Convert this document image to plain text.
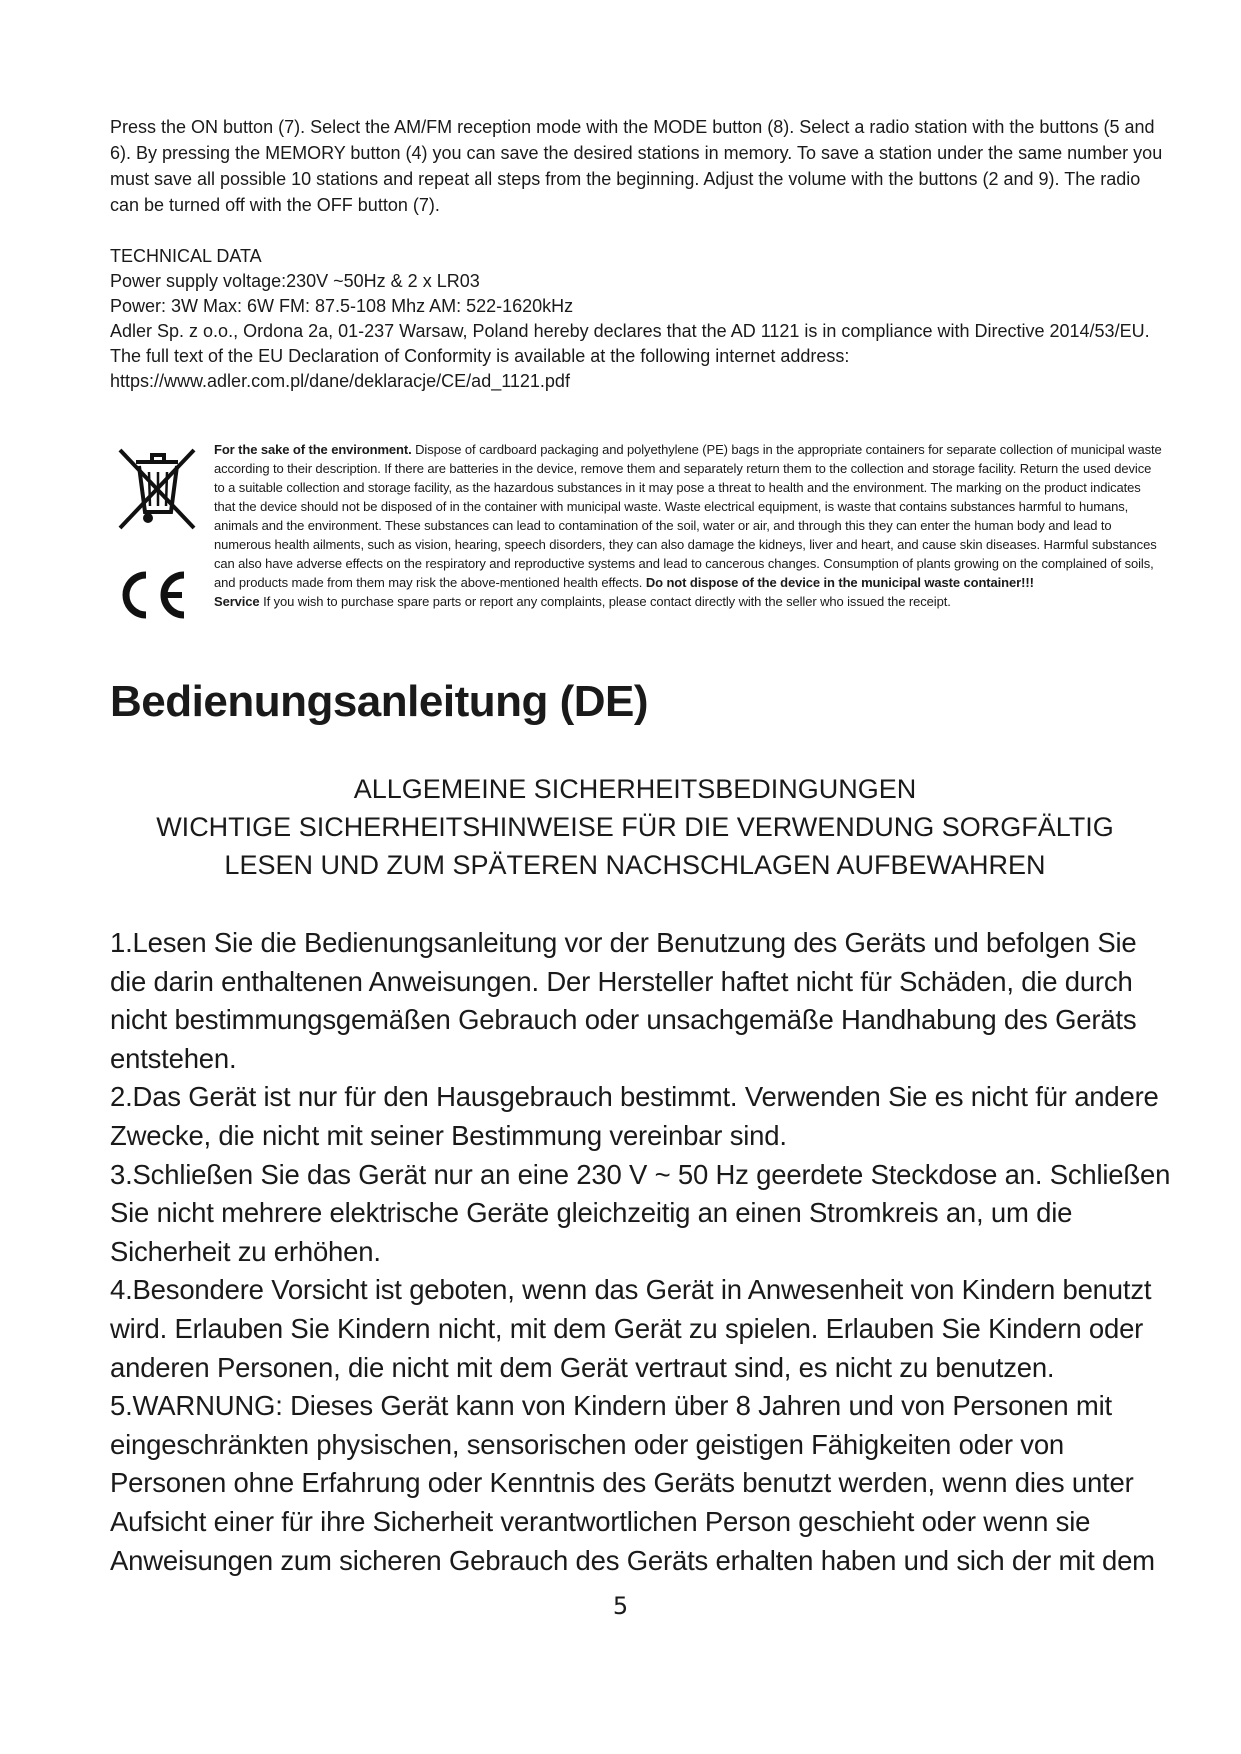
Press the ON button (7). Select the AM/FM reception mode with the MODE button (8). Select a radio station with the buttons (5 and 6). By pressing the MEMORY button (4) you can save the desired stations in memory. To save a station under the same number you must save all possible 10 stations and repeat all steps from the beginning. Adjust the volume with the buttons (2 and 9). The radio can be turned off with the OFF button (7).

TECHNICAL DATA
Power supply voltage:230V ~50Hz & 2 x LR03
Power: 3W Max: 6W FM: 87.5-108 Mhz AM: 522-1620kHz
Adler Sp. z o.o., Ordona 2a, 01-237 Warsaw, Poland hereby declares that the AD 1121 is in compliance with Directive 2014/53/EU.
The full text of the EU Declaration of Conformity is available at the following internet address:
https://www.adler.com.pl/dane/deklaracje/CE/ad_1121.pdf

For the sake of the environment. Dispose of cardboard packaging and polyethylene (PE) bags in the appropriate containers for separate collection of municipal waste according to their description. If there are batteries in the device, remove them and separately return them to the collection and storage facility. Return the used device to a suitable collection and storage facility, as the hazardous substances in it may pose a threat to health and the environment. The marking on the product indicates that the device should not be disposed of in the container with municipal waste. Waste electrical equipment, is waste that contains substances harmful to humans, animals and the environment. These substances can lead to contamination of the soil, water or air, and through this they can enter the human body and lead to numerous health ailments, such as vision, hearing, speech disorders, they can also damage the kidneys, liver and heart, and cause skin diseases. Harmful substances can also have adverse effects on the respiratory and reproductive systems and lead to cancerous changes. Consumption of plants growing on the complained of soils, and products made from them may risk the above-mentioned health effects. Do not dispose of the device in the municipal waste container!!!
Service If you wish to purchase spare parts or report any complaints, please contact directly with the seller who issued the receipt.

Bedienungsanleitung (DE)
ALLGEMEINE SICHERHEITSBEDINGUNGEN
WICHTIGE SICHERHEITSHINWEISE FÜR DIE VERWENDUNG SORGFÄLTIG
LESEN UND ZUM SPÄTEREN NACHSCHLAGEN AUFBEWAHREN

1.Lesen Sie die Bedienungsanleitung vor der Benutzung des Geräts und befolgen Sie die darin enthaltenen Anweisungen. Der Hersteller haftet nicht für Schäden, die durch nicht bestimmungsgemäßen Gebrauch oder unsachgemäße Handhabung des Geräts entstehen.

2.Das Gerät ist nur für den Hausgebrauch bestimmt. Verwenden Sie es nicht für andere Zwecke, die nicht mit seiner Bestimmung vereinbar sind.

3.Schließen Sie das Gerät nur an eine 230 V ~ 50 Hz geerdete Steckdose an. Schließen Sie nicht mehrere elektrische Geräte gleichzeitig an einen Stromkreis an, um die Sicherheit zu erhöhen.

4.Besondere Vorsicht ist geboten, wenn das Gerät in Anwesenheit von Kindern benutzt wird. Erlauben Sie Kindern nicht, mit dem Gerät zu spielen. Erlauben Sie Kindern oder anderen Personen, die nicht mit dem Gerät vertraut sind, es nicht zu benutzen.

5.WARNUNG: Dieses Gerät kann von Kindern über 8 Jahren und von Personen mit eingeschränkten physischen, sensorischen oder geistigen Fähigkeiten oder von Personen ohne Erfahrung oder Kenntnis des Geräts benutzt werden, wenn dies unter Aufsicht einer für ihre Sicherheit verantwortlichen Person geschieht oder wenn sie Anweisungen zum sicheren Gebrauch des Geräts erhalten haben und sich der mit dem

5
